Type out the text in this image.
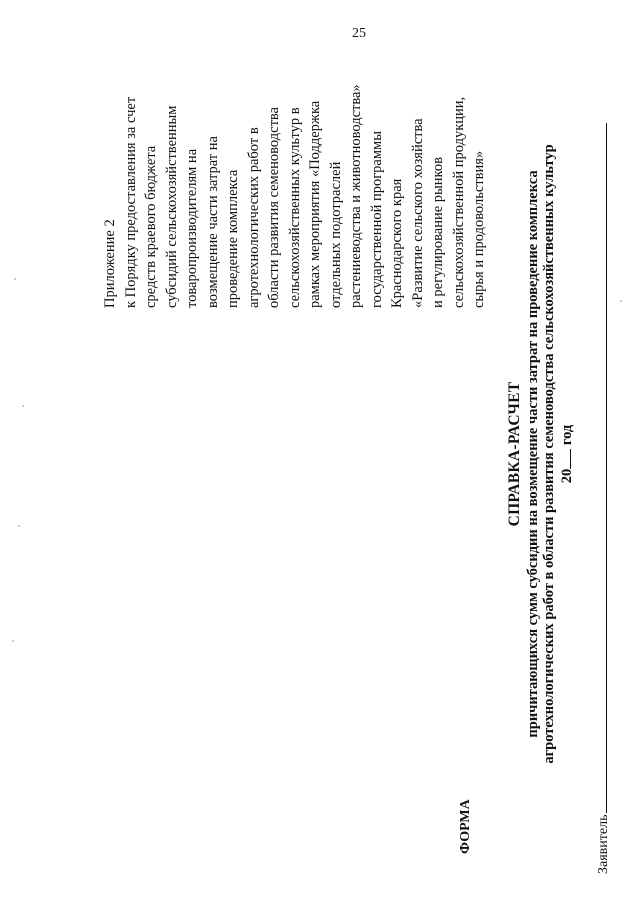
25
Приложение 2 к Порядку предоставления за счет средств краевого бюджета субсидий сельскохозяйственным товаропроизводителям на возмещение части затрат на проведение комплекса агротехнологических работ в области развития семеноводства сельскохозяйственных культур в рамках мероприятия «Поддержка отдельных подотраслей растениеводства и животноводства» государственной программы Краснодарского края «Развитие сельского хозяйства и регулирование рынков сельскохозяйственной продукции, сырья и продовольствия»
ФОРМА
СПРАВКА-РАСЧЕТ причитающихся сумм субсидии на возмещение части затрат на проведение комплекса агротехнологических работ в области развития семеноводства сельскохозяйственных культур 20 год
Заявитель
